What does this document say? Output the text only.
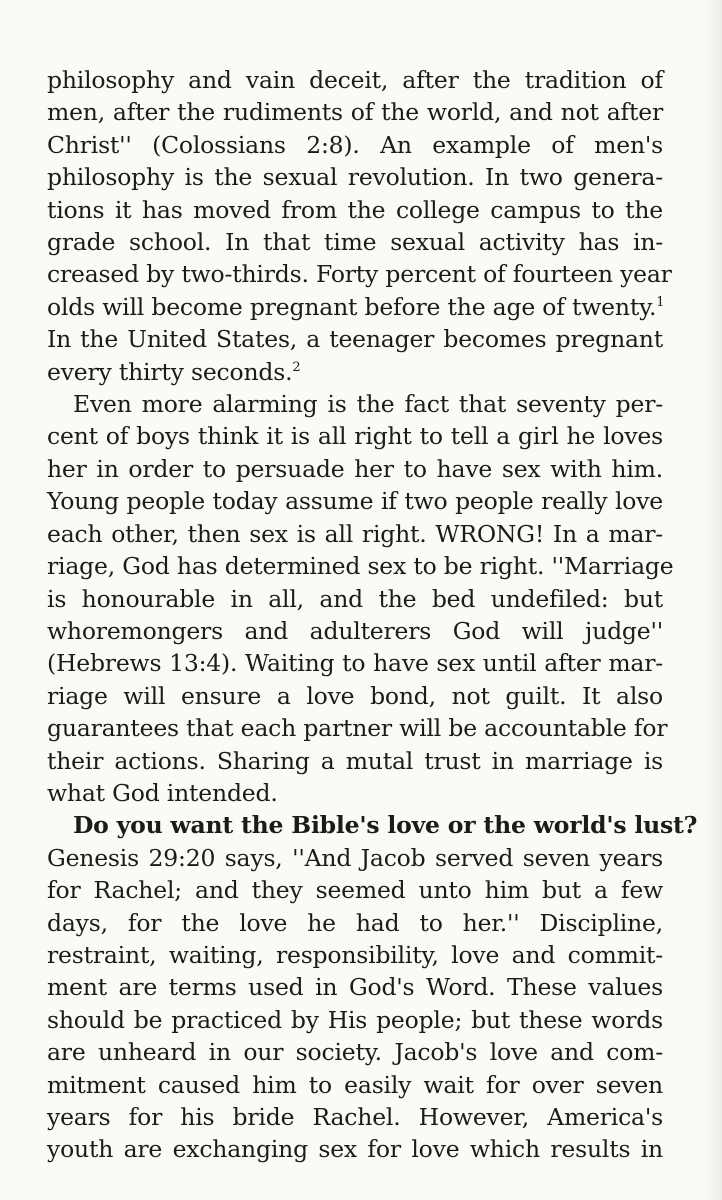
philosophy and vain deceit, after the tradition of
men, after the rudiments of the world, and not after
Christ'' (Colossians 2:8). An example of men's
philosophy is the sexual revolution. In two genera-
tions it has moved from the college campus to the
grade school. In that time sexual activity has in-
creased by two-thirds. Forty percent of fourteen year
olds will become pregnant before the age of twenty.$^1$
In the United States, a teenager becomes pregnant
every thirty seconds.$^2$
Even more alarming is the fact that seventy per-
cent of boys think it is all right to tell a girl he loves
her in order to persuade her to have sex with him.
Young people today assume if two people really love
each other, then sex is all right. WRONG! In a mar-
riage, God has determined sex to be right. ''Marriage
is honourable in all, and the bed undefiled: but
whoremongers and adulterers God will judge''
(Hebrews 13:4). Waiting to have sex until after mar-
riage will ensure a love bond, not guilt. It also
guarantees that each partner will be accountable for
their actions. Sharing a mutal trust in marriage is
what God intended.
Do you want the Bible's love or the world's lust?
Genesis 29:20 says, ''And Jacob served seven years
for Rachel; and they seemed unto him but a few
days, for the love he had to her.'' Discipline,
restraint, waiting, responsibility, love and commit-
ment are terms used in God's Word. These values
should be practiced by His people; but these words
are unheard in our society. Jacob's love and com-
mitment caused him to easily wait for over seven
years for his bride Rachel. However, America's
youth are exchanging sex for love which results in
